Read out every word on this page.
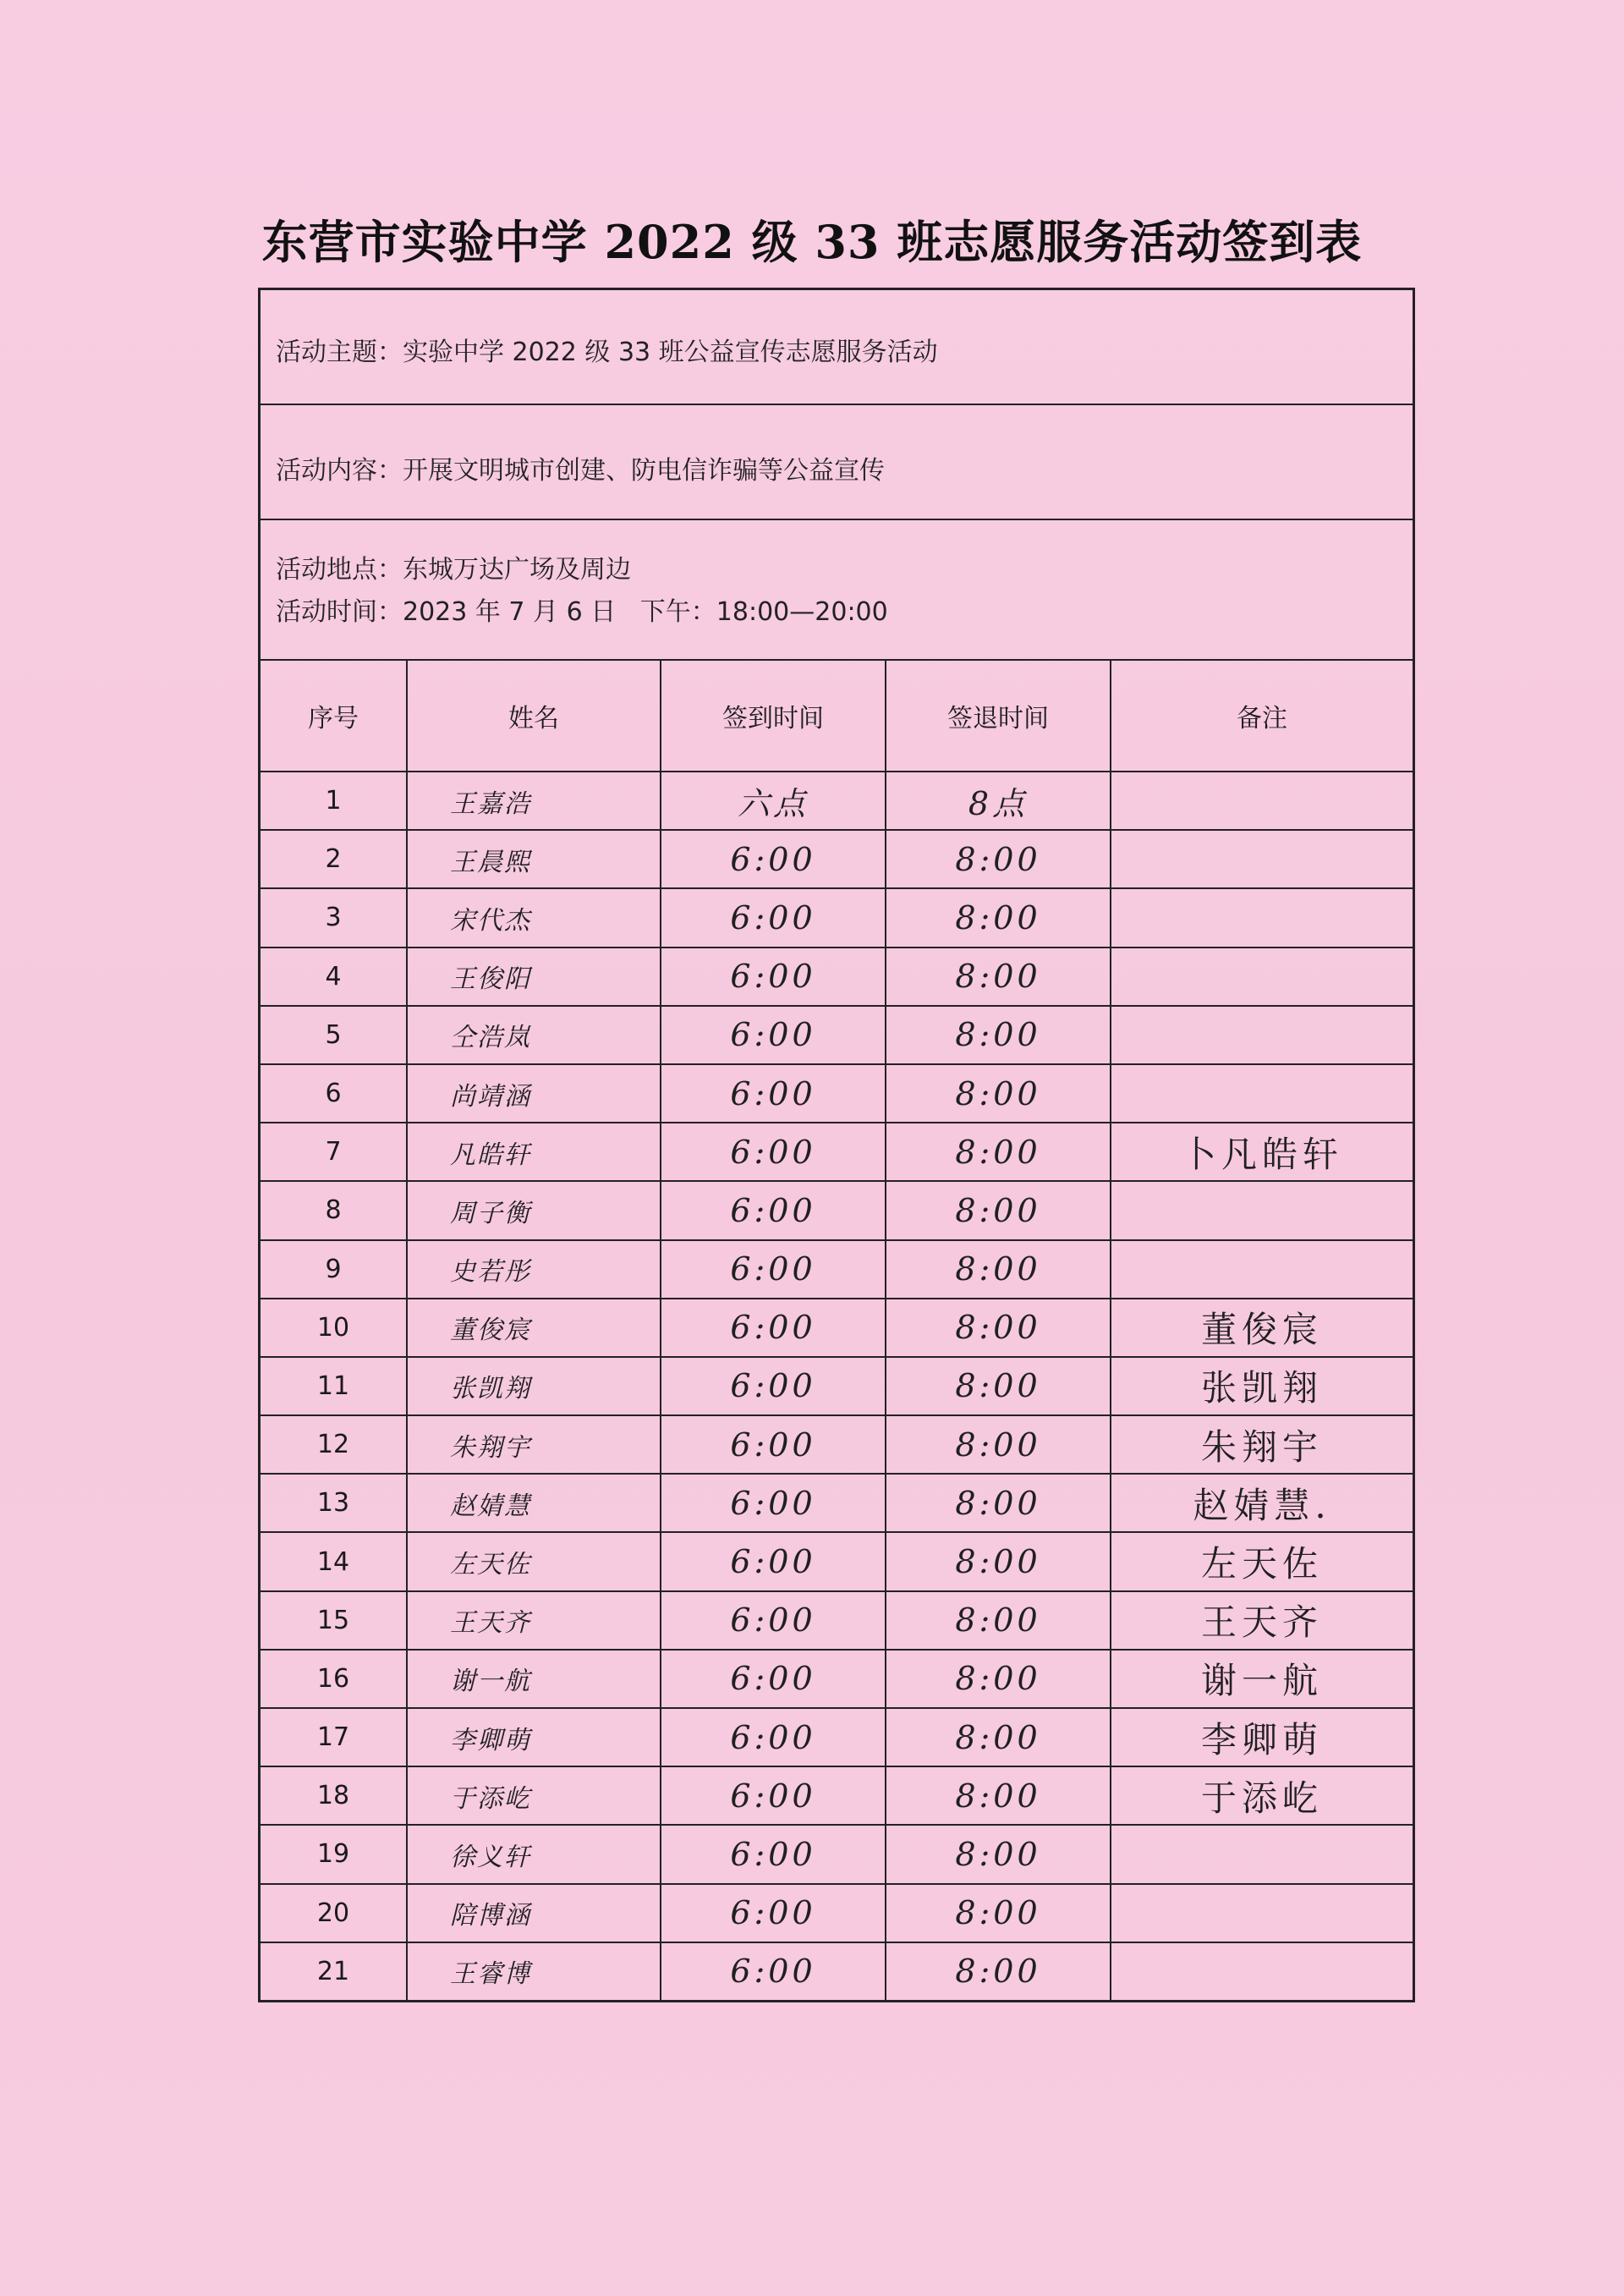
东营市实验中学 2022 级 33 班志愿服务活动签到表
活动主题：实验中学 2022 级 33 班公益宣传志愿服务活动
活动内容：开展文明城市创建、防电信诈骗等公益宣传
活动地点：东城万达广场及周边
活动时间：2023 年 7 月 6 日   下午：18:00—20:00
序号	姓名	签到时间	签退时间	备注
1	王嘉浩	六点	8点	
2	王晨熙	6:00	8:00	
3	宋代杰	6:00	8:00	
4	王俊阳	6:00	8:00	
5	仝浩岚	6:00	8:00	
6	尚靖涵	6:00	8:00	
7	凡皓轩	6:00	8:00	卜凡皓轩
8	周子衡	6:00	8:00	
9	史若彤	6:00	8:00	
10	董俊宸	6:00	8:00	董俊宸
11	张凯翔	6:00	8:00	张凯翔
12	朱翔宇	6:00	8:00	朱翔宇
13	赵婧慧	6:00	8:00	赵婧慧.
14	左天佐	6:00	8:00	左天佐
15	王天齐	6:00	8:00	王天齐
16	谢一航	6:00	8:00	谢一航
17	李卿萌	6:00	8:00	李卿萌
18	于添屹	6:00	8:00	于添屹
19	徐义轩	6:00	8:00	
20	陪博涵	6:00	8:00	
21	王睿博	6:00	8:00	
